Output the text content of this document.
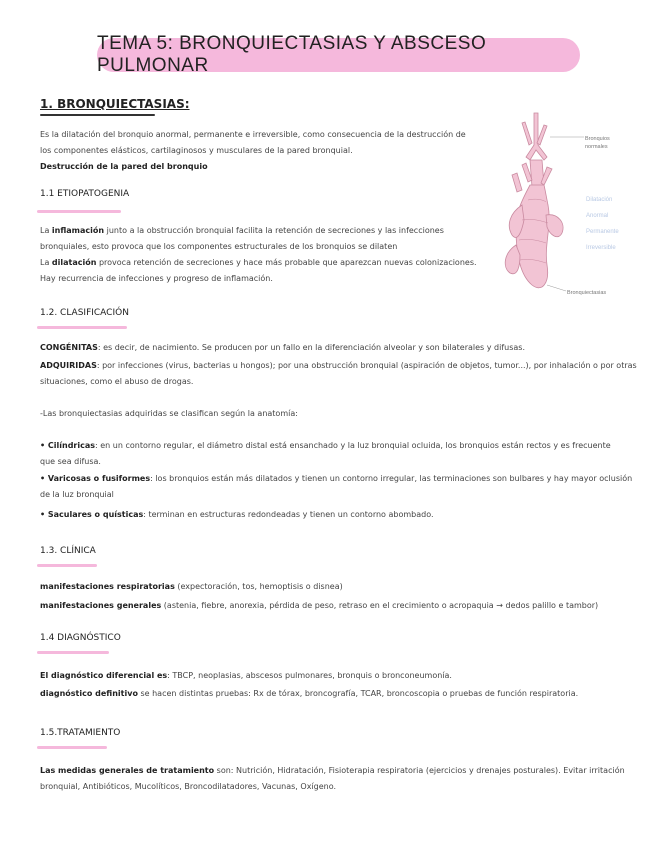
TEMA 5: BRONQUIECTASIAS Y ABSCESO PULMONAR
1. BRONQUIECTASIAS:
Es la dilatación del bronquio anormal, permanente e irreversible, como consecuencia de la destrucción de
los componentes elásticos, cartilaginosos y musculares de la pared bronquial.
Destrucción de la pared del bronquio
1.1 ETIOPATOGENIA
La inflamación junto a la obstrucción bronquial facilita la retención de secreciones y las infecciones
bronquiales, esto provoca que los componentes estructurales de los bronquios se dilaten
La dilatación provoca retención de secreciones y hace más probable que aparezcan nuevas colonizaciones.
Hay recurrencia de infecciones y progreso de inflamación.
Bronquios
normales
Dilatación
Anormal
Permanente
Irreversible
Bronquiectasias
1.2. CLASIFICACIÓN
CONGÉNITAS: es decir, de nacimiento. Se producen por un fallo en la diferenciación alveolar y son bilaterales y difusas.
ADQUIRIDAS: por infecciones (virus, bacterias u hongos); por una obstrucción bronquial (aspiración de objetos, tumor...), por inhalación o por otras
situaciones, como el abuso de drogas.
-Las bronquiectasias adquiridas se clasifican según la anatomía:
• Cilíndricas: en un contorno regular, el diámetro distal está ensanchado y la luz bronquial ocluida, los bronquios están rectos y es frecuente
que sea difusa.
• Varicosas o fusiformes: los bronquios están más dilatados y tienen un contorno irregular, las terminaciones son bulbares y hay mayor oclusión
de la luz bronquial
• Saculares o quísticas: terminan en estructuras redondeadas y tienen un contorno abombado.
1.3. CLÍNICA
manifestaciones respiratorias (expectoración, tos, hemoptisis o disnea)
manifestaciones generales (astenia, fiebre, anorexia, pérdida de peso, retraso en el crecimiento o acropaquia → dedos palillo e tambor)
1.4 DIAGNÓSTICO
El diagnóstico diferencial es: TBCP, neoplasias, abscesos pulmonares, bronquis o bronconeumonía.
diagnóstico definitivo se hacen distintas pruebas: Rx de tórax, broncografía, TCAR, broncoscopia o pruebas de función respiratoria.
1.5.TRATAMIENTO
Las medidas generales de tratamiento son: Nutrición, Hidratación, Fisioterapia respiratoria (ejercicios y drenajes posturales). Evitar irritación
bronquial, Antibióticos, Mucolíticos, Broncodilatadores, Vacunas, Oxígeno.
